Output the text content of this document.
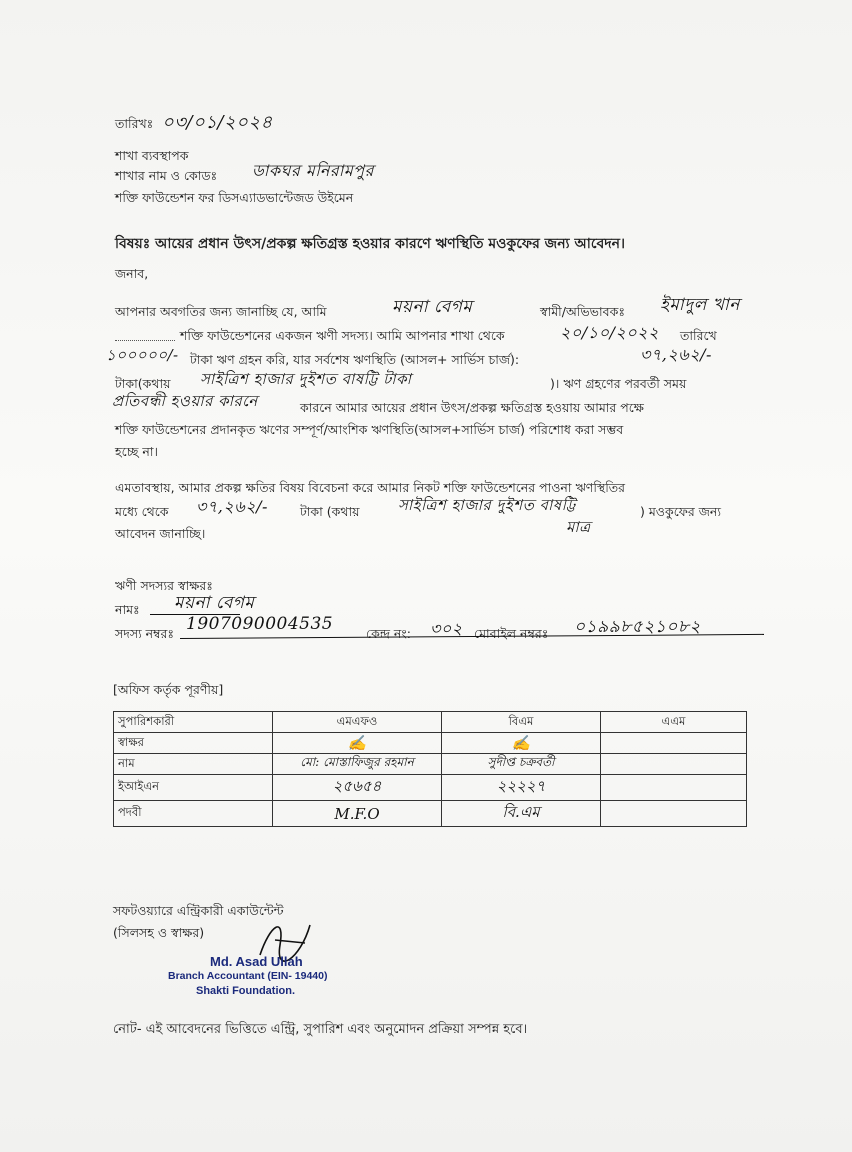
তারিখঃ ০৩/০১/২০২৪
শাখা ব্যবস্থাপক
শাখার নাম ও কোডঃ ডাকঘর মনিরামপুর
শক্তি ফাউন্ডেশন ফর ডিসএ্যাডভান্টেজড উইমেন
বিষয়ঃ আয়ের প্রধান উৎস/প্রকল্প ক্ষতিগ্রস্ত হওয়ার কারণে ঋণস্থিতি মওকুফের জন্য আবেদন।
জনাব,
আপনার অবগতির জন্য জানাচ্ছি যে, আমি	ময়না বেগম	স্বামী/অভিভাবকঃ ইমাদুল খান
শক্তি ফাউন্ডেশনের একজন ঋণী সদস্য। আমি আপনার শাখা থেকে	২০/১০/২০২২ তারিখে
১০০০০০/- টাকা ঋণ গ্রহন করি, যার সর্বশেষ ঋণস্থিতি (আসল+ সার্ভিস চার্জ):	৩৭,২৬২/-
টাকা(কথায় সাইত্রিশ হাজার দুইশত বাষট্টি টাকা	)। ঋণ গ্রহণের পরবর্তী সময়
প্রতিবন্ধী হওয়ার কারনে	কারনে আমার আয়ের প্রধান উৎস/প্রকল্প ক্ষতিগ্রস্ত হওয়ায় আমার পক্ষে
শক্তি ফাউন্ডেশনের প্রদানকৃত ঋণের সম্পূর্ণ/আংশিক ঋণস্থিতি(আসল+সার্ভিস চার্জ) পরিশোধ করা সম্ভব
হচ্ছে না।
এমতাবস্থায়, আমার প্রকল্প ক্ষতির বিষয় বিবেচনা করে আমার নিকট শক্তি ফাউন্ডেশনের পাওনা ঋণস্থিতির
মধ্যে থেকে ৩৭,২৬২/-	টাকা (কথায়	সাইত্রিশ হাজার দুইশত বাষট্টি	) মওকুফের জন্য
মাত্র
আবেদন জানাচ্ছি।
ঋণী সদস্যর স্বাক্ষরঃ
নামঃ ময়না বেগম
সদস্য নম্বরঃ 1907090004535	কেন্দ্র নং: ৩০২ মোবাইল নম্বরঃ ০১৯৯৮৫২১০৮২
[অফিস কর্তৃক পূরণীয়]
সুপারিশকারী	এমএফও	বিএম	এএম
স্বাক্ষর	✍	✍	
নাম	মো: মোস্তাফিজুর রহমান	সুদীপ্ত চক্রবর্তী	
ইআইএন	২৫৬৫৪	২২২২৭	
পদবী	M.F.O	বি.এম	
সফটওয়্যারে এন্ট্রিকারী একাউন্টেন্ট
(সিলসহ ও স্বাক্ষর)
Md. Asad Ullah
Branch Accountant (EIN- 19440)
Shakti Foundation.
নোট- এই আবেদনের ভিত্তিতে এন্ট্রি, সুপারিশ এবং অনুমোদন প্রক্রিয়া সম্পন্ন হবে।
